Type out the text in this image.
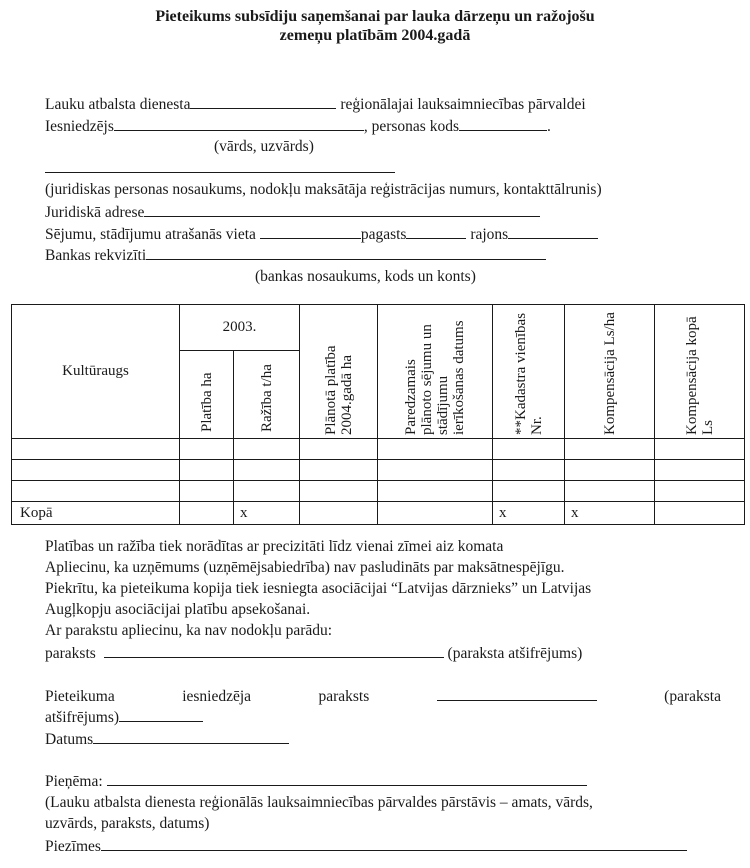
Pieteikums subsīdiju saņemšanai par lauka dārzeņu un ražojošu
zemeņu platībām 2004.gadā
Lauku atbalsta dienesta	reģionālajai lauksaimniecības pārvaldei
Iesniedzējs	, personas kods	.
(vārds, uzvārds)
(juridiskas personas nosaukums, nodokļu maksātāja reģistrācijas numurs, kontakttālrunis)
Juridiskā adrese
Sējumu, stādījumu atrašanās vieta	pagasts	rajons
Bankas rekvizīti
(bankas nosaukums, kods un konts)
Kultūraugs	2003.		Plānotā platība 2004.gadā ha	Paredzamais plānoto sējumu un stādījumu ierīkošanas datums	**Kadastra vienības Nr.	Kompensācija Ls/ha	Kompensācija kopā Ls

	Platība ha	Ražība t/ha					

Kopā		x			x	x	
Platības un ražība tiek norādītas ar precizitāti līdz vienai zīmei aiz komata
Apliecinu, ka uzņēmums (uzņēmējsabiedrība) nav pasludināts par maksātnespējīgu.
Piekrītu, ka pieteikuma kopija tiek iesniegta asociācijai “Latvijas dārznieks” un Latvijas
Augļkopju asociācijai platību apsekošanai.
Ar parakstu apliecinu, ka nav nodokļu parādu:
paraksts	(paraksta atšifrējums)
Pieteikuma	iesniedzēja	paraksts	(paraksta
atšifrējums)
Datums
Pieņēma:
(Lauku atbalsta dienesta reģionālās lauksaimniecības pārvaldes pārstāvis – amats, vārds,
uzvārds, paraksts, datums)
Piezīmes
